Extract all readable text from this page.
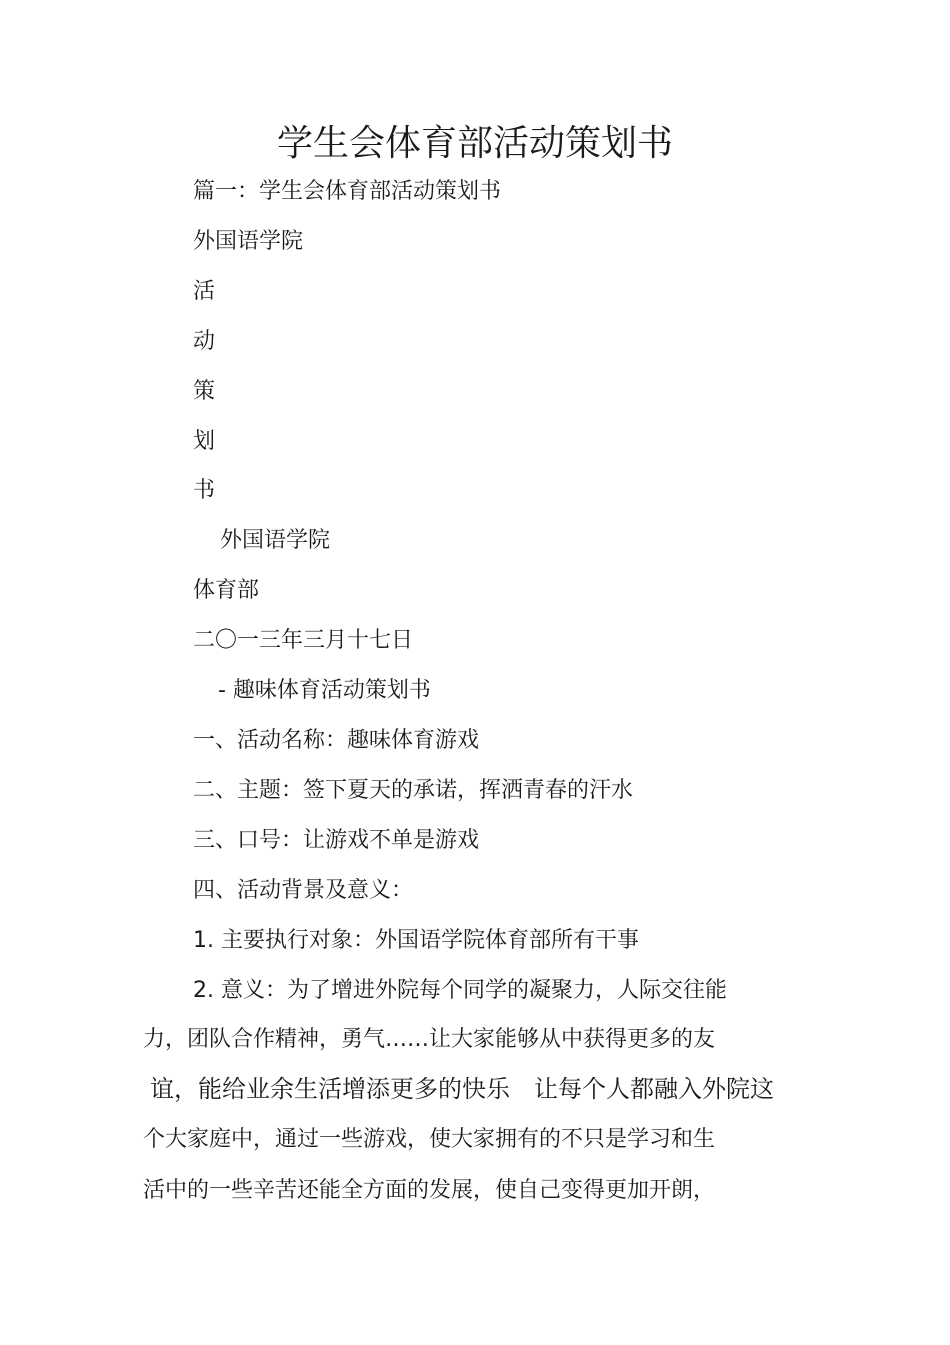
学生会体育部活动策划书

篇一：学生会体育部活动策划书

外国语学院

活

动

策

划

书

外国语学院

体育部

二〇一三年三月十七日

- 趣味体育活动策划书

一、活动名称：趣味体育游戏

二、主题：签下夏天的承诺，挥洒青春的汗水

三、口号：让游戏不单是游戏

四、活动背景及意义：

1. 主要执行对象：外国语学院体育部所有干事

2. 意义：为了增进外院每个同学的凝聚力，人际交往能

力，团队合作精神，勇气……让大家能够从中获得更多的友

谊，能给业余生活增添更多的快乐　让每个人都融入外院这

个大家庭中，通过一些游戏，使大家拥有的不只是学习和生

活中的一些辛苦还能全方面的发展，使自己变得更加开朗，
